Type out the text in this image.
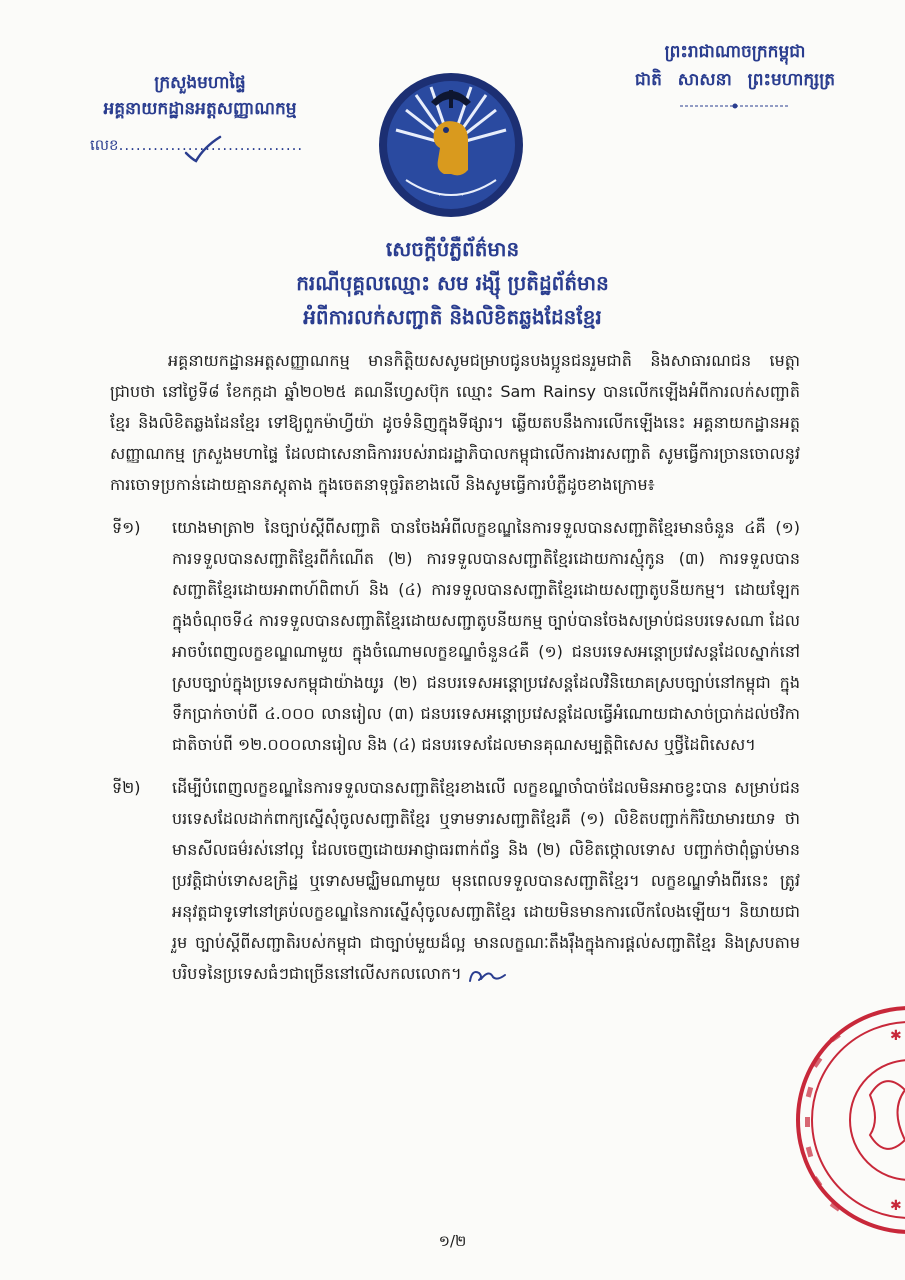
ក្រសួងមហាផ្ទៃ
អគ្គនាយកដ្ឋានអត្តសញ្ញាណកម្ម
លេខ................................
· · · · ·
ព្រះរាជាណាចក្រកម្ពុជា
ជាតិ សាសនា ព្រះមហាក្សត្រ
សេចក្តីបំភ្លឺព័ត៌មាន
ករណីបុគ្គលឈ្មោះ សម រង្ស៊ី ប្រតិដ្ឋព័ត៌មាន
អំពីការលក់សញ្ជាតិ និងលិខិតឆ្លងដែនខ្មែរ

អគ្គនាយកដ្ឋានអត្តសញ្ញាណកម្ម មានកិត្តិយសសូមជម្រាបជូនបងប្អូនជនរួមជាតិ និងសាធារណជន មេត្តាជ្រាបថា នៅថ្ងៃទី៨ ខែកក្កដា ឆ្នាំ២០២៥ គណនីហ្វេសប៊ុក ឈ្មោះ Sam Rainsy បានលើកឡើងអំពីការលក់សញ្ជាតិខ្មែរ និងលិខិតឆ្លងដែនខ្មែរ ទៅឱ្យពួកម៉ាហ្វីយ៉ា ដូចទំនិញក្នុងទីផ្សារ។ ឆ្លើយតបនឹងការលើកឡើងនេះ អគ្គនាយកដ្ឋានអត្តសញ្ញាណកម្ម ក្រសួងមហាផ្ទៃ ដែលជាសេនាធិការរបស់រាជរដ្ឋាភិបាលកម្ពុជាលើការងារសញ្ជាតិ សូមធ្វើការច្រានចោលនូវការចោទប្រកាន់ដោយគ្មានភស្តុតាង ក្នុងចេតនាទុច្ចរិតខាងលើ និងសូមធ្វើការបំភ្លឺដូចខាងក្រោម៖

ទី១) យោងមាត្រា២ នៃច្បាប់ស្តីពីសញ្ជាតិ បានចែងអំពីលក្ខខណ្ឌនៃការទទួលបានសញ្ជាតិខ្មែរមានចំនួន ៤គឺ (១) ការទទួលបានសញ្ជាតិខ្មែរពីកំណើត (២) ការទទួលបានសញ្ជាតិខ្មែរដោយការស្មុំកូន (៣) ការទទួលបានសញ្ជាតិខ្មែរដោយអាពាហ៍ពិពាហ៍ និង (៤) ការទទួលបានសញ្ជាតិខ្មែរដោយសញ្ជាតូបនីយកម្ម។ ដោយឡែកក្នុងចំណុចទី៤ ការទទួលបានសញ្ជាតិខ្មែរដោយសញ្ជាតូបនីយកម្ម ច្បាប់បានចែងសម្រាប់ជនបរទេសណា ដែលអាចបំពេញលក្ខខណ្ឌណាមួយ ក្នុងចំណោមលក្ខខណ្ឌចំនួន៤គឺ (១) ជនបរទេសអន្តោប្រវេសន្តដែលស្នាក់នៅស្របច្បាប់ក្នុងប្រទេសកម្ពុជាយ៉ាងយូរ (២) ជនបរទេសអន្តោប្រវេសន្តដែលវិនិយោគស្របច្បាប់នៅកម្ពុជា ក្នុងទឹកប្រាក់ចាប់ពី ៤.០០០ លានរៀល (៣) ជនបរទេសអន្តោប្រវេសន្តដែលធ្វើអំណោយជាសាច់ប្រាក់ដល់ថវិកាជាតិចាប់ពី ១២.០០០លានរៀល និង (៤) ជនបរទេសដែលមានគុណសម្បត្តិពិសេស ឬថ្វីដៃពិសេស។

ទី២) ដើម្បីបំពេញលក្ខខណ្ឌនៃការទទួលបានសញ្ជាតិខ្មែរខាងលើ លក្ខខណ្ឌចាំបាច់ដែលមិនអាចខ្វះបាន សម្រាប់ជនបរទេសដែលដាក់ពាក្យស្នើសុំចូលសញ្ជាតិខ្មែរ ឬទាមទារសញ្ជាតិខ្មែរគឺ (១) លិខិតបញ្ជាក់កិរិយាមារយាទ ថាមានសីលធម៌រស់នៅល្អ ដែលចេញដោយអាជ្ញាធរពាក់ព័ន្ធ និង (២) លិខិតថ្កោលទោស បញ្ជាក់ថាពុំធ្លាប់មានប្រវត្តិជាប់ទោសឧក្រិដ្ឋ ឬទោសមជ្ឈិមណាមួយ មុនពេលទទួលបានសញ្ជាតិខ្មែរ។ លក្ខខណ្ឌទាំងពីរនេះ ត្រូវអនុវត្តជាទូទៅនៅគ្រប់លក្ខខណ្ឌនៃការស្នើសុំចូលសញ្ជាតិខ្មែរ ដោយមិនមានការលើកលែងឡើយ។ និយាយជារួម ច្បាប់ស្តីពីសញ្ជាតិរបស់កម្ពុជា ជាច្បាប់មួយដ៏ល្អ មានលក្ខណៈតឹងរ៉ឹងក្នុងការផ្តល់សញ្ជាតិខ្មែរ និងស្របតាមបរិបទនៃប្រទេសធំៗជាច្រើននៅលើសកលលោក។

១/២
✱
✱
